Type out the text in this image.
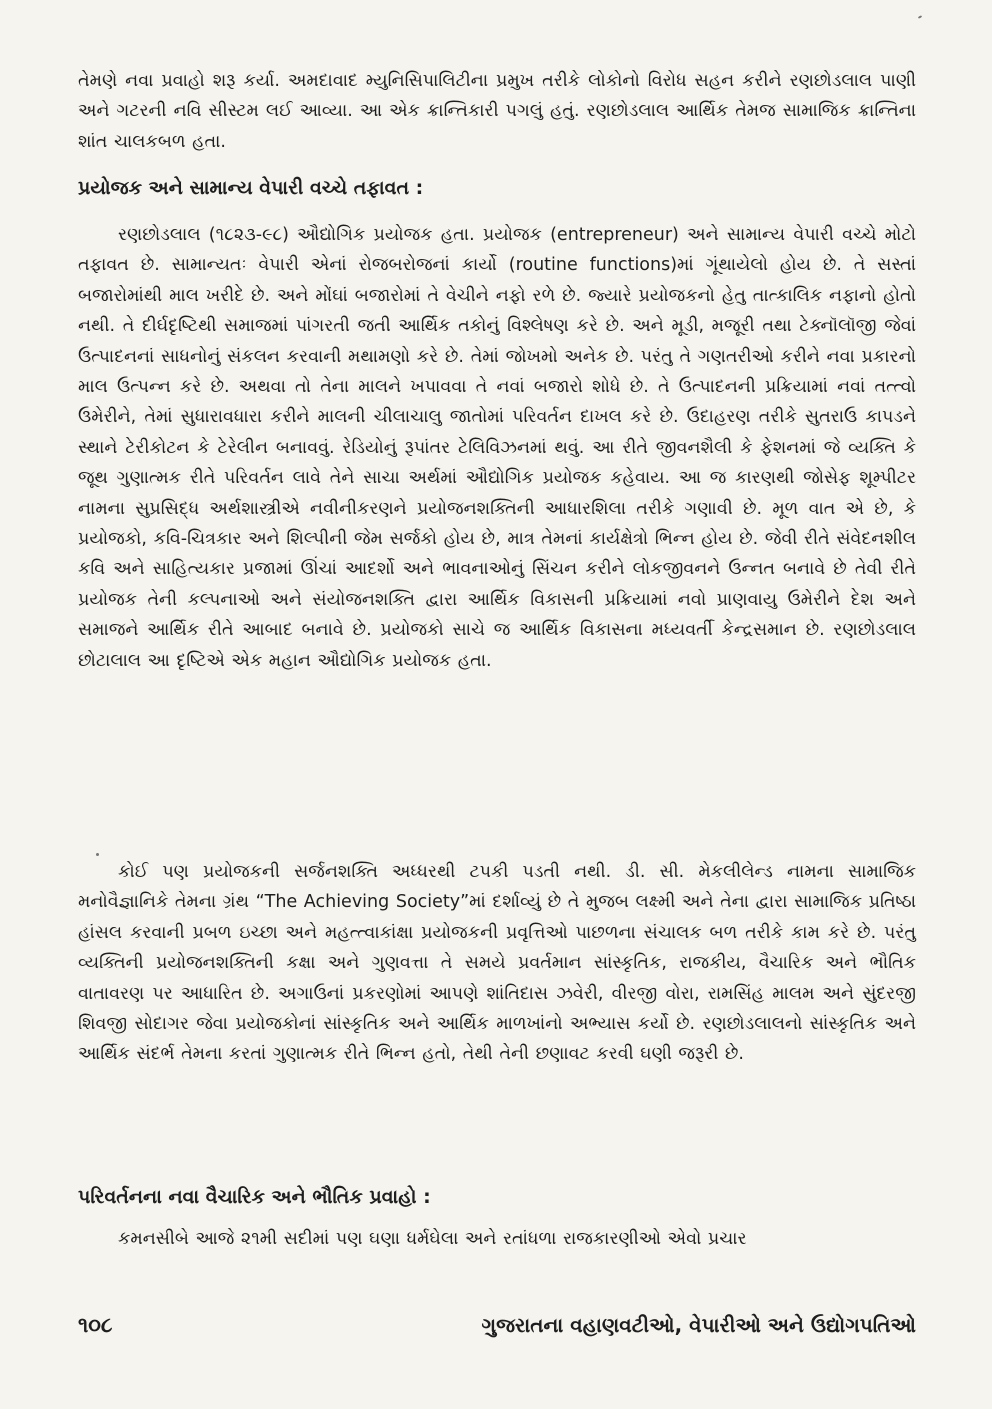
તેમણે નવા પ્રવાહો શરૂ કર્યા. અમદાવાદ મ્યુનિસિપાલિટીના પ્રમુખ તરીકે લોકોનો વિરોધ સહન કરીને રણછોડલાલ પાણી અને ગટરની નવિ સીસ્ટમ લઈ આવ્યા. આ એક ક્રાન્તિકારી પગલું હતું. રણછોડલાલ આર્થિક તેમજ સામાજિક ક્રાન્તિના શાંત ચાલકબળ હતા.

પ્રયોજક અને સામાન્ય વેપારી વચ્ચે તફાવત :

રણછોડલાલ (૧૮૨૩-૯૮) ઔદ્યોગિક પ્રયોજક હતા. પ્રયોજક (entrepreneur) અને સામાન્ય વેપારી વચ્ચે મોટો તફાવત છે. સામાન્યતઃ વેપારી એનાં રોજબરોજનાં કાર્યો (routine functions)માં ગૂંથાયેલો હોય છે. તે સસ્તાં બજારોમાંથી માલ ખરીદે છે. અને મોંઘાં બજારોમાં તે વેચીને નફો રળે છે. જ્યારે પ્રયોજકનો હેતુ તાત્કાલિક નફાનો હોતો નથી. તે દીર્ઘદૃષ્ટિથી સમાજમાં પાંગરતી જતી આર્થિક તકોનું વિશ્લેષણ કરે છે. અને મૂડી, મજૂરી તથા ટેક્નૉલૉજી જેવાં ઉત્પાદનનાં સાધનોનું સંકલન કરવાની મથામણો કરે છે. તેમાં જોખમો અનેક છે. પરંતુ તે ગણતરીઓ કરીને નવા પ્રકારનો માલ ઉત્પન્ન કરે છે. અથવા તો તેના માલને ખપાવવા તે નવાં બજારો શોધે છે. તે ઉત્પાદનની પ્રક્રિયામાં નવાં તત્ત્વો ઉમેરીને, તેમાં સુધારાવધારા કરીને માલની ચીલાચાલુ જાતોમાં પરિવર્તન દાખલ કરે છે. ઉદાહરણ તરીકે સુતરાઉ કાપડને સ્થાને ટેરીકોટન કે ટેરેલીન બનાવવું. રેડિયોનું રૂપાંતર ટેલિવિઝનમાં થવું. આ રીતે જીવનશૈલી કે ફેશનમાં જે વ્યક્તિ કે જૂથ ગુણાત્મક રીતે પરિવર્તન લાવે તેને સાચા અર્થમાં ઔદ્યોગિક પ્રયોજક કહેવાય. આ જ કારણથી જોસેફ શૂમ્પીટર નામના સુપ્રસિદ્ધ અર્થશાસ્ત્રીએ નવીનીકરણને પ્રયોજનશક્તિની આધારશિલા તરીકે ગણાવી છે. મૂળ વાત એ છે, કે પ્રયોજકો, કવિ-ચિત્રકાર અને શિલ્પીની જેમ સર્જકો હોય છે, માત્ર તેમનાં કાર્યક્ષેત્રો ભિન્ન હોય છે. જેવી રીતે સંવેદનશીલ કવિ અને સાહિત્યકાર પ્રજામાં ઊંચાં આદર્શો અને ભાવનાઓનું સિંચન કરીને લોકજીવનને ઉન્નત બનાવે છે તેવી રીતે પ્રયોજક તેની કલ્પનાઓ અને સંયોજનશક્તિ દ્વારા આર્થિક વિકાસની પ્રક્રિયામાં નવો પ્રાણવાયુ ઉમેરીને દેશ અને સમાજને આર્થિક રીતે આબાદ બનાવે છે. પ્રયોજકો સાચે જ આર્થિક વિકાસના મધ્યવર્તી કેન્દ્રસમાન છે. રણછોડલાલ છોટાલાલ આ દૃષ્ટિએ એક મહાન ઔદ્યોગિક પ્રયોજક હતા.

કોઈ પણ પ્રયોજકની સર્જનશક્તિ અધ્ધરથી ટપકી પડતી નથી. ડી. સી. મેકલીલેન્ડ નામના સામાજિક મનોવૈજ્ઞાનિકે તેમના ગ્રંથ “The Achieving Society”માં દર્શાવ્યું છે તે મુજબ લક્ષ્મી અને તેના દ્વારા સામાજિક પ્રતિષ્ઠા હાંસલ કરવાની પ્રબળ ઇચ્છા અને મહત્ત્વાકાંક્ષા પ્રયોજકની પ્રવૃત્તિઓ પાછળના સંચાલક બળ તરીકે કામ કરે છે. પરંતુ વ્યક્તિની પ્રયોજનશક્તિની કક્ષા અને ગુણવત્તા તે સમયે પ્રવર્તમાન સાંસ્કૃતિક, રાજકીય, વૈચારિક અને ભૌતિક વાતાવરણ પર આધારિત છે. અગાઉનાં પ્રકરણોમાં આપણે શાંતિદાસ ઝવેરી, વીરજી વોરા, રામસિંહ માલમ અને સુંદરજી શિવજી સોદાગર જેવા પ્રયોજકોનાં સાંસ્કૃતિક અને આર્થિક માળખાંનો અભ્યાસ કર્યો છે. રણછોડલાલનો સાંસ્કૃતિક અને આર્થિક સંદર્ભ તેમના કરતાં ગુણાત્મક રીતે ભિન્ન હતો, તેથી તેની છણાવટ કરવી ઘણી જરૂરી છે.

પરિવર્તનના નવા વૈચારિક અને ભૌતિક પ્રવાહો :

કમનસીબે આજે ૨૧મી સદીમાં પણ ઘણા ધર્મઘેલા અને રતાંધળા રાજકારણીઓ એવો પ્રચાર

૧૦૮	ગુજરાતના વહાણવટીઓ, વેપારીઓ અને ઉદ્યોગપતિઓ
